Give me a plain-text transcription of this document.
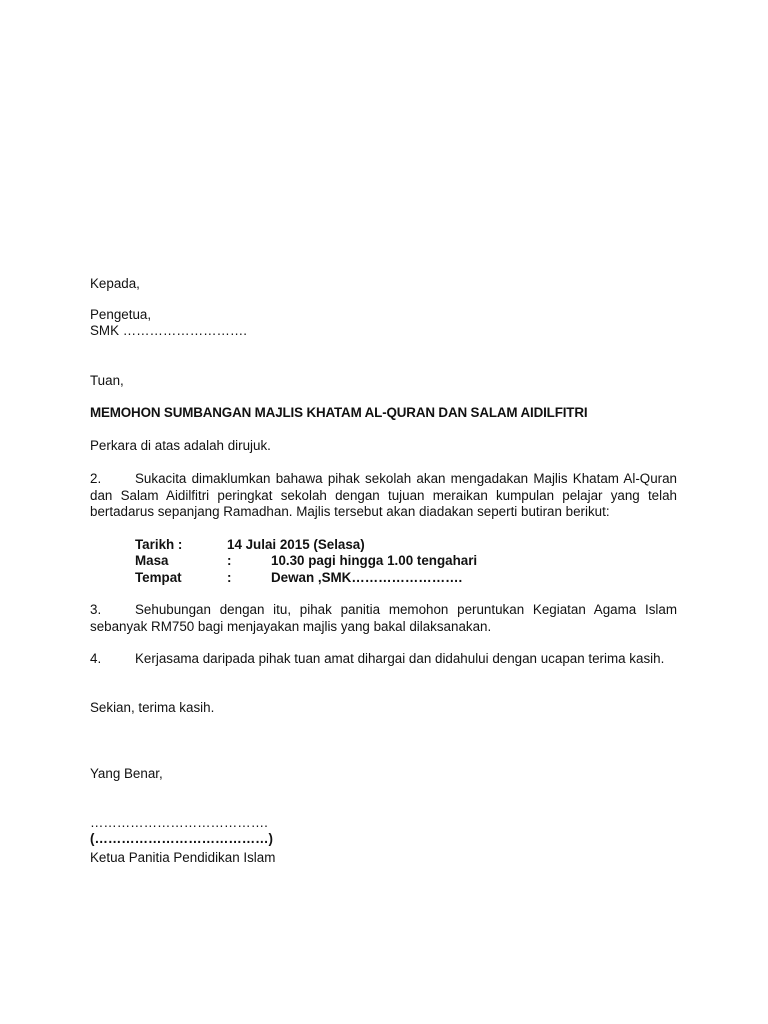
Kepada,
Pengetua,
SMK ……………………….
Tuan,
MEMOHON SUMBANGAN MAJLIS KHATAM AL-QURAN DAN SALAM AIDILFITRI
Perkara di atas adalah dirujuk.
2.	Sukacita dimaklumkan bahawa pihak sekolah akan mengadakan Majlis Khatam Al-Quran dan Salam Aidilfitri peringkat sekolah dengan tujuan meraikan kumpulan pelajar yang telah bertadarus sepanjang Ramadhan. Majlis tersebut akan diadakan seperti butiran berikut:
Tarikh :	14 Julai 2015 (Selasa)
Masa	:	10.30 pagi hingga 1.00 tengahari
Tempat	:	Dewan ,SMK…………………….
3.	Sehubungan dengan itu, pihak panitia memohon peruntukan Kegiatan Agama Islam sebanyak RM750 bagi menjayakan majlis yang bakal dilaksanakan.
4.	Kerjasama daripada pihak tuan amat dihargai dan didahului dengan ucapan terima kasih.
Sekian, terima kasih.
Yang Benar,
………………………………….
(…………………………………)
Ketua Panitia Pendidikan Islam
